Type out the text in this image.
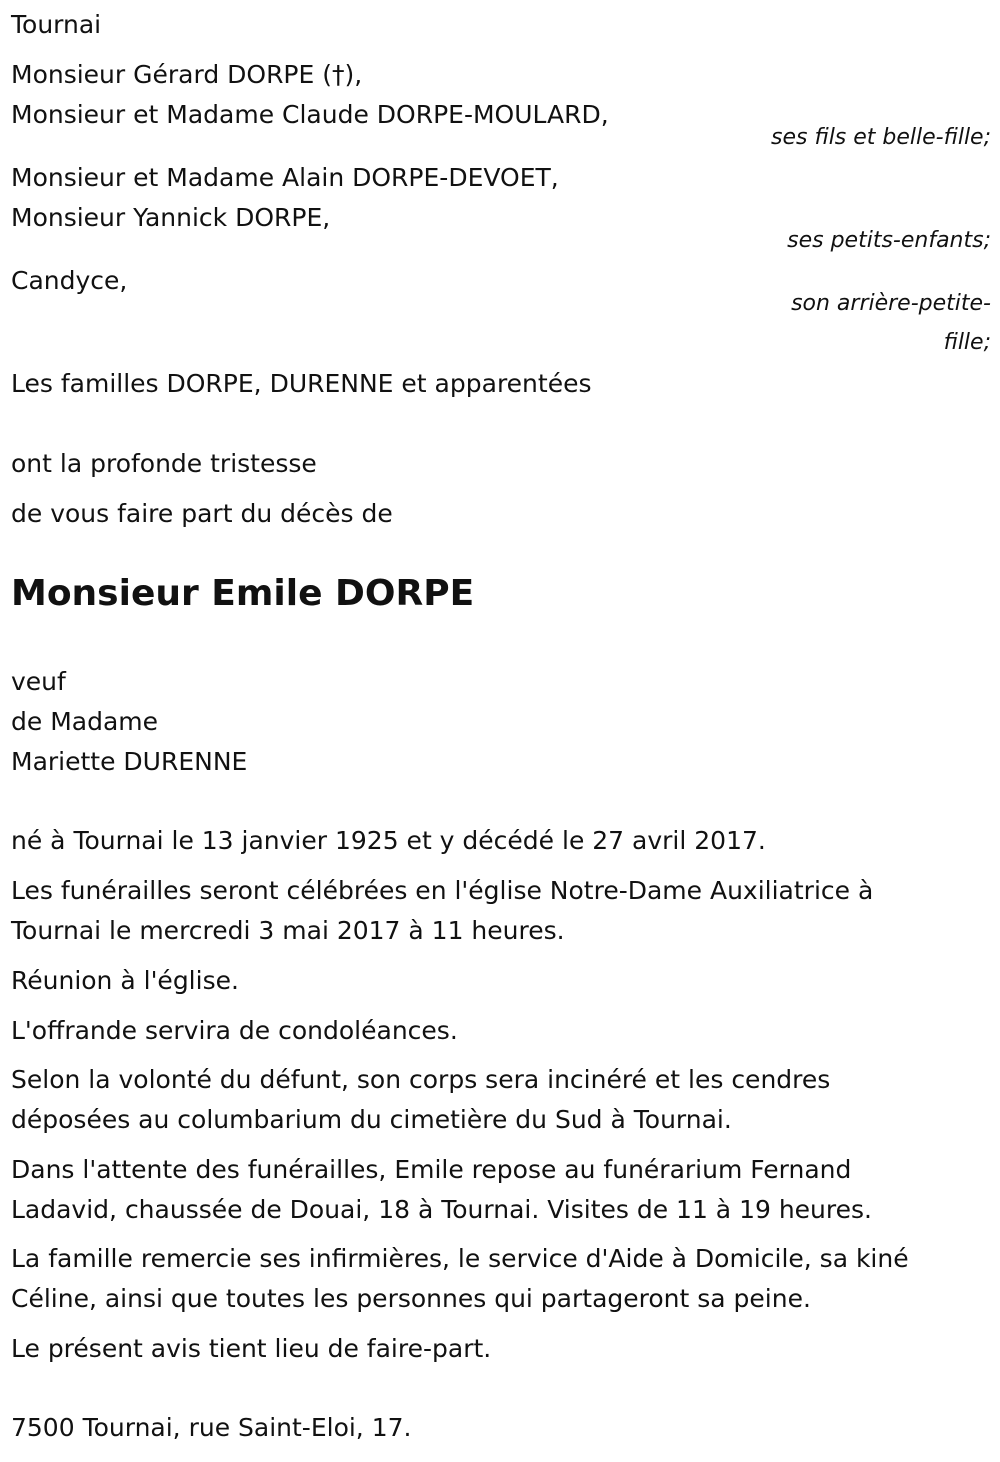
Tournai
Monsieur Gérard DORPE (†),
Monsieur et Madame Claude DORPE-MOULARD,
ses fils et belle-fille;
Monsieur et Madame Alain DORPE-DEVOET,
Monsieur Yannick DORPE,
ses petits-enfants;
Candyce,
son arrière-petite-
fille;
Les familles DORPE, DURENNE et apparentées
ont la profonde tristesse
de vous faire part du décès de
Monsieur Emile DORPE
veuf
de Madame
Mariette DURENNE
né à Tournai le 13 janvier 1925 et y décédé le 27 avril 2017.
Les funérailles seront célébrées en l'église Notre-Dame Auxiliatrice à
Tournai le mercredi 3 mai 2017 à 11 heures.
Réunion à l'église.
L'offrande servira de condoléances.
Selon la volonté du défunt, son corps sera incinéré et les cendres
déposées au columbarium du cimetière du Sud à Tournai.
Dans l'attente des funérailles, Emile repose au funérarium Fernand
Ladavid, chaussée de Douai, 18 à Tournai. Visites de 11 à 19 heures.
La famille remercie ses infirmières, le service d'Aide à Domicile, sa kiné
Céline, ainsi que toutes les personnes qui partageront sa peine.
Le présent avis tient lieu de faire-part.
7500 Tournai, rue Saint-Eloi, 17.
